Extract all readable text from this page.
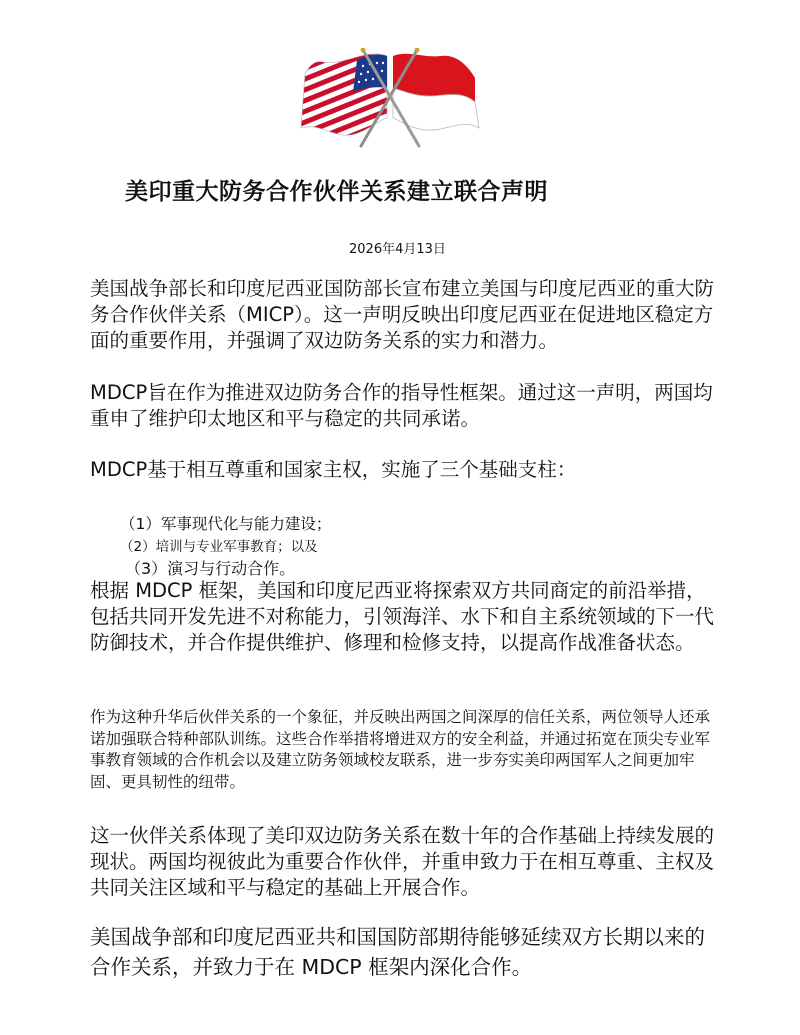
美印重大防务合作伙伴关系建立联合声明
2026年4月13日

美国战争部长和印度尼西亚国防部长宣布建立美国与印度尼西亚的重大防务合作伙伴关系（MICP）。这一声明反映出印度尼西亚在促进地区稳定方面的重要作用，并强调了双边防务关系的实力和潜力。

MDCP旨在作为推进双边防务合作的指导性框架。通过这一声明，两国均重申了维护印太地区和平与稳定的共同承诺。

MDCP基于相互尊重和国家主权，实施了三个基础支柱：

（1）军事现代化与能力建设；
（2）培训与专业军事教育；以及
（3）演习与行动合作。

根据 MDCP 框架，美国和印度尼西亚将探索双方共同商定的前沿举措，包括共同开发先进不对称能力，引领海洋、水下和自主系统领域的下一代防御技术，并合作提供维护、修理和检修支持，以提高作战准备状态。

作为这种升华后伙伴关系的一个象征，并反映出两国之间深厚的信任关系，两位领导人还承诺加强联合特种部队训练。这些合作举措将增进双方的安全利益，并通过拓宽在顶尖专业军事教育领域的合作机会以及建立防务领域校友联系，进一步夯实美印两国军人之间更加牢固、更具韧性的纽带。

这一伙伴关系体现了美印双边防务关系在数十年的合作基础上持续发展的现状。两国均视彼此为重要合作伙伴，并重申致力于在相互尊重、主权及共同关注区域和平与稳定的基础上开展合作。

美国战争部和印度尼西亚共和国国防部期待能够延续双方长期以来的合作关系，并致力于在 MDCP 框架内深化合作。
